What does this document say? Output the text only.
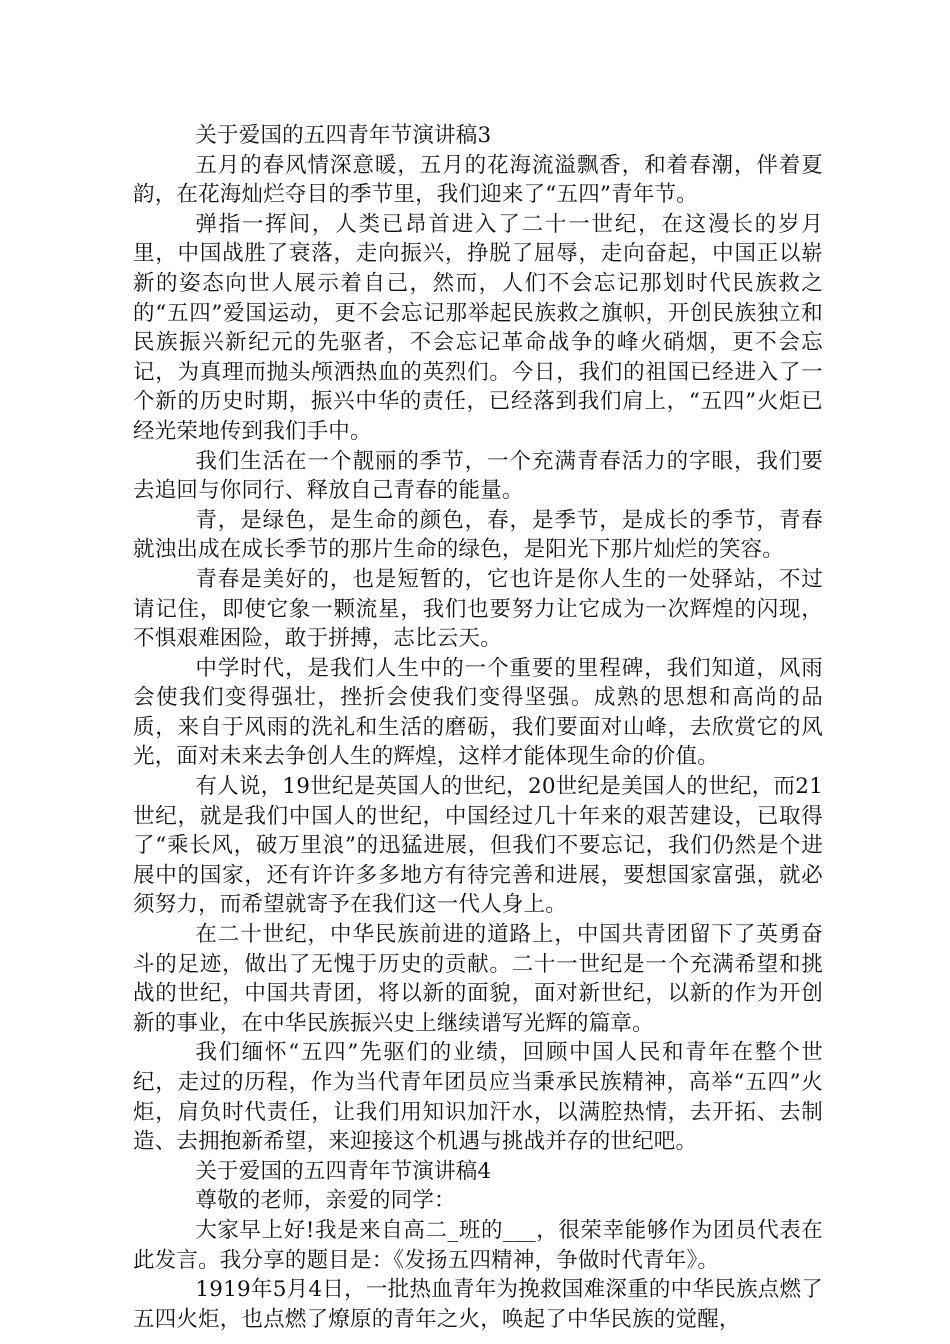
关于爱国的五四青年节演讲稿3

五月的春风情深意暖，五月的花海流溢飘香，和着春潮，伴着夏韵，在花海灿烂夺目的季节里，我们迎来了“五四”青年节。

弹指一挥间，人类已昂首进入了二十一世纪，在这漫长的岁月里，中国战胜了衰落，走向振兴，挣脱了屈辱，走向奋起，中国正以崭新的姿态向世人展示着自己，然而，人们不会忘记那划时代民族救之的“五四”爱国运动，更不会忘记那举起民族救之旗帜，开创民族独立和民族振兴新纪元的先驱者，不会忘记革命战争的峰火硝烟，更不会忘记，为真理而抛头颅洒热血的英烈们。今日，我们的祖国已经进入了一个新的历史时期，振兴中华的责任，已经落到我们肩上，“五四”火炬已经光荣地传到我们手中。

我们生活在一个靓丽的季节，一个充满青春活力的字眼，我们要去追回与你同行、释放自己青春的能量。

青，是绿色，是生命的颜色，春，是季节，是成长的季节，青春就浊出成在成长季节的那片生命的绿色，是阳光下那片灿烂的笑容。

青春是美好的，也是短暂的，它也许是你人生的一处驿站，不过请记住，即使它象一颗流星，我们也要努力让它成为一次辉煌的闪现，不惧艰难困险，敢于拼搏，志比云天。

中学时代，是我们人生中的一个重要的里程碑，我们知道，风雨会使我们变得强壮，挫折会使我们变得坚强。成熟的思想和高尚的品质，来自于风雨的洗礼和生活的磨砺，我们要面对山峰，去欣赏它的风光，面对未来去争创人生的辉煌，这样才能体现生命的价值。

有人说，19世纪是英国人的世纪，20世纪是美国人的世纪，而21世纪，就是我们中国人的世纪，中国经过几十年来的艰苦建设，已取得了“乘长风，破万里浪”的迅猛进展，但我们不要忘记，我们仍然是个进展中的国家，还有许许多多地方有待完善和进展，要想国家富强，就必须努力，而希望就寄予在我们这一代人身上。

在二十世纪，中华民族前进的道路上，中国共青团留下了英勇奋斗的足迹，做出了无愧于历史的贡献。二十一世纪是一个充满希望和挑战的世纪，中国共青团，将以新的面貌，面对新世纪，以新的作为开创新的事业，在中华民族振兴史上继续谱写光辉的篇章。

我们缅怀“五四”先驱们的业绩，回顾中国人民和青年在整个世纪，走过的历程，作为当代青年团员应当秉承民族精神，高举“五四”火炬，肩负时代责任，让我们用知识加汗水，以满腔热情，去开拓、去制造、去拥抱新希望，来迎接这个机遇与挑战并存的世纪吧。

关于爱国的五四青年节演讲稿4

尊敬的老师，亲爱的同学：

大家早上好!我是来自高二_班的___，很荣幸能够作为团员代表在此发言。我分享的题目是：《发扬五四精神，争做时代青年》。

1919年5月4日，一批热血青年为挽救国难深重的中华民族点燃了五四火炬，也点燃了燎原的青年之火，唤起了中华民族的觉醒，
